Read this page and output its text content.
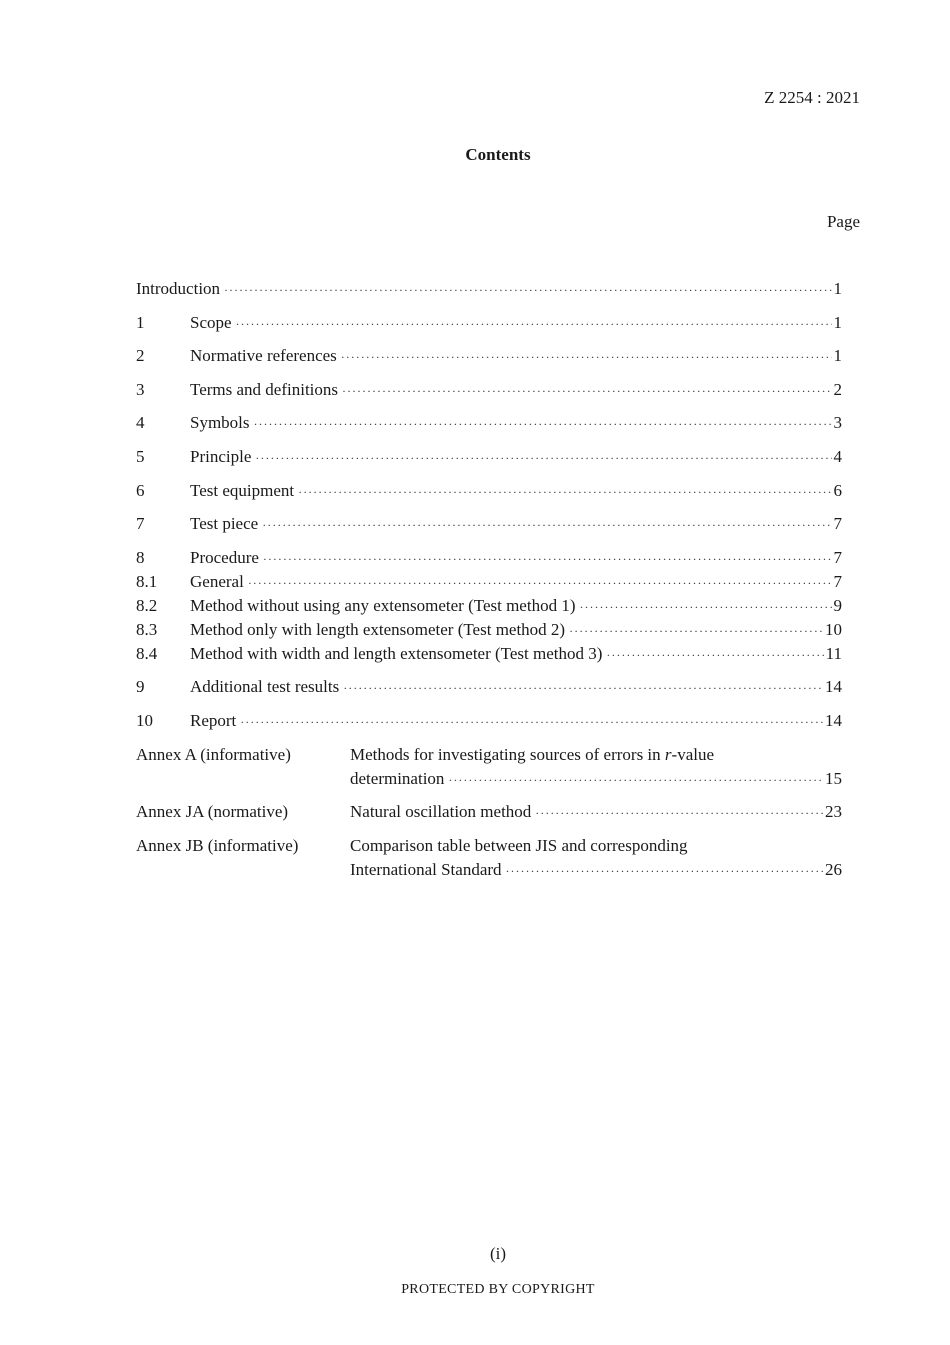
Z 2254 : 2021
Contents
Page
Introduction ·····	1
1	Scope ·····	1
2	Normative references ·····	1
3	Terms and definitions ·····	2
4	Symbols ·····	3
5	Principle ·····	4
6	Test equipment ·····	6
7	Test piece ·····	7
8	Procedure ·····	7
8.1 General ·····	7
8.2 Method without using any extensometer (Test method 1) ·····	9
8.3 Method only with length extensometer (Test method 2) ·····	10
8.4 Method with width and length extensometer (Test method 3) ·····	11
9	Additional test results ·····	14
10 Report ·····	14
Annex A (informative)	Methods for investigating sources of errors in r-value
determination ·····	15
Annex JA (normative)	Natural oscillation method ·····	23
Annex JB (informative)	Comparison table between JIS and corresponding
International Standard ·····	26
(i)
PROTECTED BY COPYRIGHT
